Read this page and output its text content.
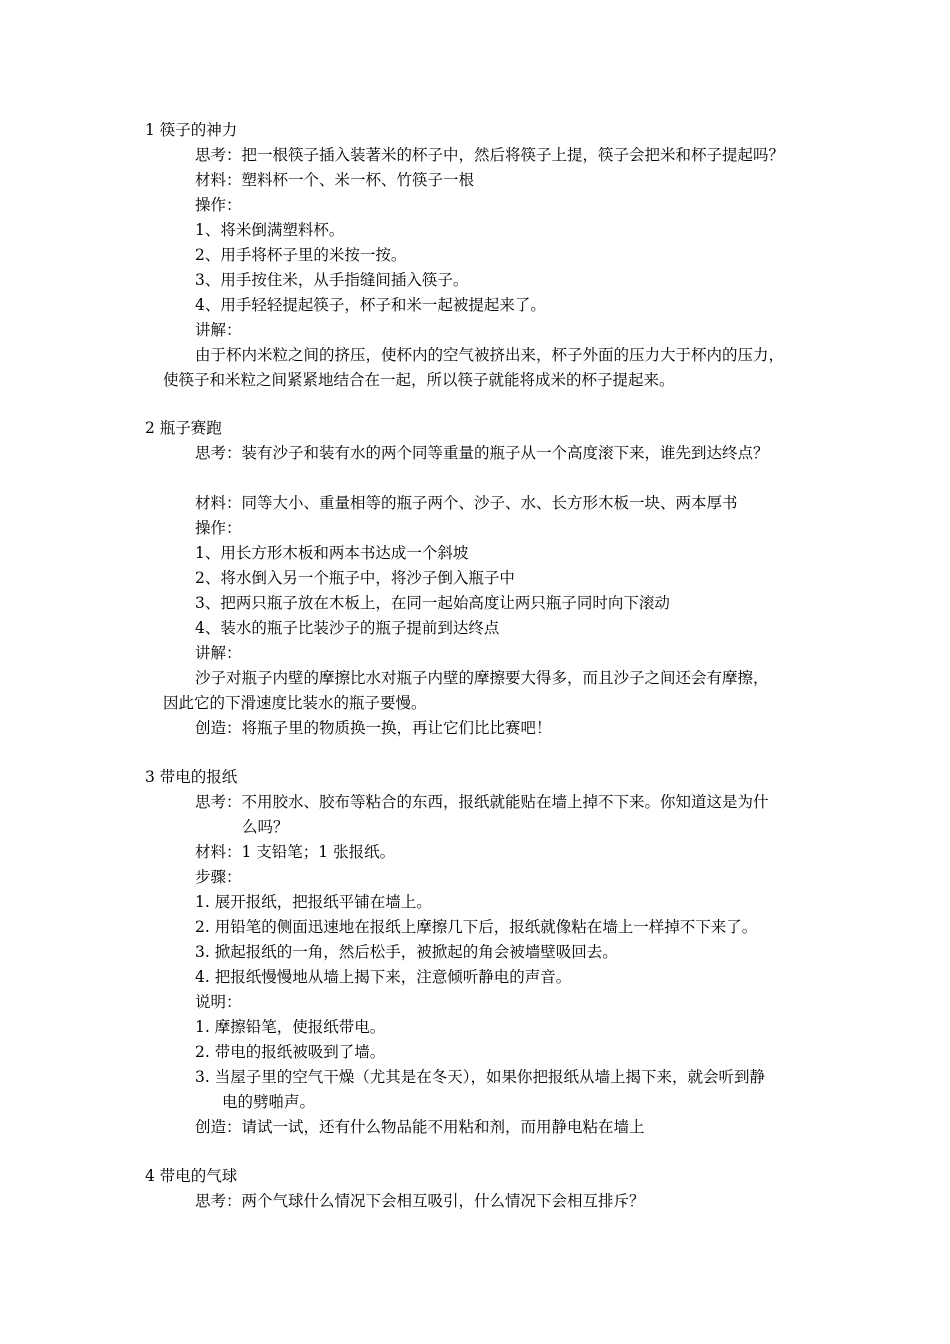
1 筷子的神力
思考：把一根筷子插入装著米的杯子中，然后将筷子上提，筷子会把米和杯子提起吗？
材料：塑料杯一个、米一杯、竹筷子一根
操作：
1、将米倒满塑料杯。
2、用手将杯子里的米按一按。
3、用手按住米，从手指缝间插入筷子。
4、用手轻轻提起筷子，杯子和米一起被提起来了。
讲解：
由于杯内米粒之间的挤压，使杯内的空气被挤出来，杯子外面的压力大于杯内的压力，
使筷子和米粒之间紧紧地结合在一起，所以筷子就能将成米的杯子提起来。
2 瓶子赛跑
思考：装有沙子和装有水的两个同等重量的瓶子从一个高度滚下来，谁先到达终点？
材料：同等大小、重量相等的瓶子两个、沙子、水、长方形木板一块、两本厚书
操作：
1、用长方形木板和两本书达成一个斜坡
2、将水倒入另一个瓶子中，将沙子倒入瓶子中
3、把两只瓶子放在木板上，在同一起始高度让两只瓶子同时向下滚动
4、装水的瓶子比装沙子的瓶子提前到达终点
讲解：
沙子对瓶子内壁的摩擦比水对瓶子内壁的摩擦要大得多，而且沙子之间还会有摩擦，
因此它的下滑速度比装水的瓶子要慢。
创造：将瓶子里的物质换一换，再让它们比比赛吧！
3 带电的报纸
思考：不用胶水、胶布等粘合的东西，报纸就能贴在墙上掉不下来。你知道这是为什
么吗？
材料：1 支铅笔；1 张报纸。
步骤：
1. 展开报纸，把报纸平铺在墙上。
2. 用铅笔的侧面迅速地在报纸上摩擦几下后，报纸就像粘在墙上一样掉不下来了。
3. 掀起报纸的一角，然后松手，被掀起的角会被墙壁吸回去。
4. 把报纸慢慢地从墙上揭下来，注意倾听静电的声音。
说明：
1. 摩擦铅笔，使报纸带电。
2. 带电的报纸被吸到了墙。
3. 当屋子里的空气干燥（尤其是在冬天），如果你把报纸从墙上揭下来，就会听到静
电的劈啪声。
创造：请试一试，还有什么物品能不用粘和剂，而用静电粘在墙上
4 带电的气球
思考：两个气球什么情况下会相互吸引，什么情况下会相互排斥？
